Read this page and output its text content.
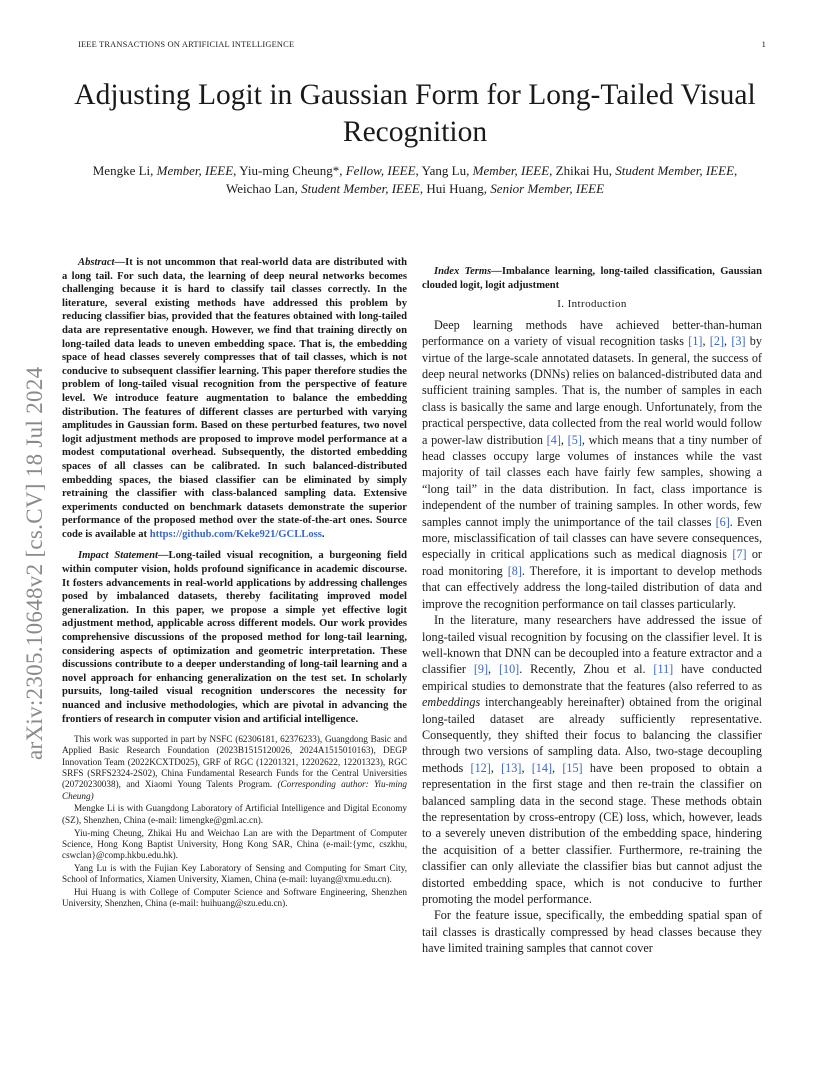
IEEE TRANSACTIONS ON ARTIFICIAL INTELLIGENCE	1
arXiv:2305.10648v2 [cs.CV] 18 Jul 2024
Adjusting Logit in Gaussian Form for Long-Tailed Visual Recognition
Mengke Li, Member, IEEE, Yiu-ming Cheung*, Fellow, IEEE, Yang Lu, Member, IEEE, Zhikai Hu, Student Member, IEEE, Weichao Lan, Student Member, IEEE, Hui Huang, Senior Member, IEEE

Abstract—It is not uncommon that real-world data are distributed with a long tail. For such data, the learning of deep neural networks becomes challenging because it is hard to classify tail classes correctly. In the literature, several existing methods have addressed this problem by reducing classifier bias, provided that the features obtained with long-tailed data are representative enough. However, we find that training directly on long-tailed data leads to uneven embedding space. That is, the embedding space of head classes severely compresses that of tail classes, which is not conducive to subsequent classifier learning. This paper therefore studies the problem of long-tailed visual recognition from the perspective of feature level. We introduce feature augmentation to balance the embedding distribution. The features of different classes are perturbed with varying amplitudes in Gaussian form. Based on these perturbed features, two novel logit adjustment methods are proposed to improve model performance at a modest computational overhead. Subsequently, the distorted embedding spaces of all classes can be calibrated. In such balanced-distributed embedding spaces, the biased classifier can be eliminated by simply retraining the classifier with class-balanced sampling data. Extensive experiments conducted on benchmark datasets demonstrate the superior performance of the proposed method over the state-of-the-art ones. Source code is available at https://github.com/Keke921/GCLLoss.

Impact Statement—Long-tailed visual recognition, a burgeoning field within computer vision, holds profound significance in academic discourse. It fosters advancements in real-world applications by addressing challenges posed by imbalanced datasets, thereby facilitating improved model generalization. In this paper, we propose a simple yet effective logit adjustment method, applicable across different models. Our work provides comprehensive discussions of the proposed method for long-tail learning, considering aspects of optimization and geometric interpretation. These discussions contribute to a deeper understanding of long-tail learning and a novel approach for enhancing generalization on the test set. In scholarly pursuits, long-tailed visual recognition underscores the necessity for nuanced and inclusive methodologies, which are pivotal in advancing the frontiers of research in computer vision and artificial intelligence.

This work was supported in part by NSFC (62306181, 62376233), Guangdong Basic and Applied Basic Research Foundation (2023B1515120026, 2024A1515010163), DEGP Innovation Team (2022KCXTD025), GRF of RGC (12201321, 12202622, 12201323), RGC SRFS (SRFS2324-2S02), China Fundamental Research Funds for the Central Universities (20720230038), and Xiaomi Young Talents Program. (Corresponding author: Yiu-ming Cheung)

Mengke Li is with Guangdong Laboratory of Artificial Intelligence and Digital Economy (SZ), Shenzhen, China (e-mail: limengke@gml.ac.cn).

Yiu-ming Cheung, Zhikai Hu and Weichao Lan are with the Department of Computer Science, Hong Kong Baptist University, Hong Kong SAR, China (e-mail:{ymc, cszkhu, cswclan}@comp.hkbu.edu.hk).

Yang Lu is with the Fujian Key Laboratory of Sensing and Computing for Smart City, School of Informatics, Xiamen University, Xiamen, China (e-mail: luyang@xmu.edu.cn).

Hui Huang is with College of Computer Science and Software Engineering, Shenzhen University, Shenzhen, China (e-mail: huihuang@szu.edu.cn).

Index Terms—Imbalance learning, long-tailed classification, Gaussian clouded logit, logit adjustment

I. Introduction

Deep learning methods have achieved better-than-human performance on a variety of visual recognition tasks [1], [2], [3] by virtue of the large-scale annotated datasets. In general, the success of deep neural networks (DNNs) relies on balanced-distributed data and sufficient training samples. That is, the number of samples in each class is basically the same and large enough. Unfortunately, from the practical perspective, data collected from the real world would follow a power-law distribution [4], [5], which means that a tiny number of head classes occupy large volumes of instances while the vast majority of tail classes each have fairly few samples, showing a “long tail” in the data distribution. In fact, class importance is independent of the number of training samples. In other words, few samples cannot imply the unimportance of the tail classes [6]. Even more, misclassification of tail classes can have severe consequences, especially in critical applications such as medical diagnosis [7] or road monitoring [8]. Therefore, it is important to develop methods that can effectively address the long-tailed distribution of data and improve the recognition performance on tail classes particularly.

In the literature, many researchers have addressed the issue of long-tailed visual recognition by focusing on the classifier level. It is well-known that DNN can be decoupled into a feature extractor and a classifier [9], [10]. Recently, Zhou et al. [11] have conducted empirical studies to demonstrate that the features (also referred to as embeddings interchangeably hereinafter) obtained from the original long-tailed dataset are already sufficiently representative. Consequently, they shifted their focus to balancing the classifier through two versions of sampling data. Also, two-stage decoupling methods [12], [13], [14], [15] have been proposed to obtain a representation in the first stage and then re-train the classifier on balanced sampling data in the second stage. These methods obtain the representation by cross-entropy (CE) loss, which, however, leads to a severely uneven distribution of the embedding space, hindering the acquisition of a better classifier. Furthermore, re-training the classifier can only alleviate the classifier bias but cannot adjust the distorted embedding space, which is not conducive to further promoting the model performance.

For the feature issue, specifically, the embedding spatial span of tail classes is drastically compressed by head classes because they have limited training samples that cannot cover
